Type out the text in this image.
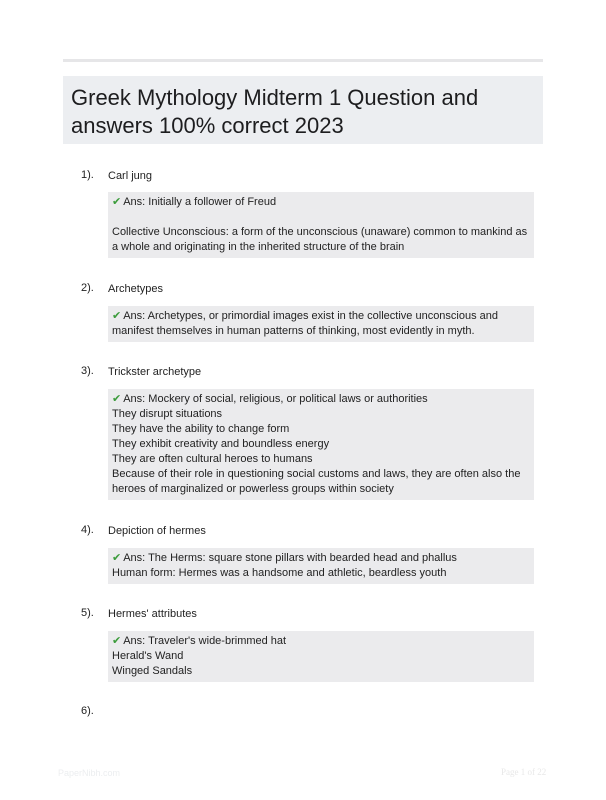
Greek Mythology Midterm 1 Question and answers 100% correct 2023
1). Carl jung
✔ Ans: Initially a follower of Freud
Collective Unconscious: a form of the unconscious (unaware) common to mankind as a whole and originating in the inherited structure of the brain
2). Archetypes
✔ Ans: Archetypes, or primordial images exist in the collective unconscious and manifest themselves in human patterns of thinking, most evidently in myth.
3). Trickster archetype
✔ Ans: Mockery of social, religious, or political laws or authorities
They disrupt situations
They have the ability to change form
They exhibit creativity and boundless energy
They are often cultural heroes to humans
Because of their role in questioning social customs and laws, they are often also the heroes of marginalized or powerless groups within society
4). Depiction of hermes
✔ Ans: The Herms: square stone pillars with bearded head and phallus
Human form: Hermes was a handsome and athletic, beardless youth
5). Hermes' attributes
✔ Ans: Traveler's wide-brimmed hat
Herald's Wand
Winged Sandals
6).
PaperNibh.com	Page 1 of 22
